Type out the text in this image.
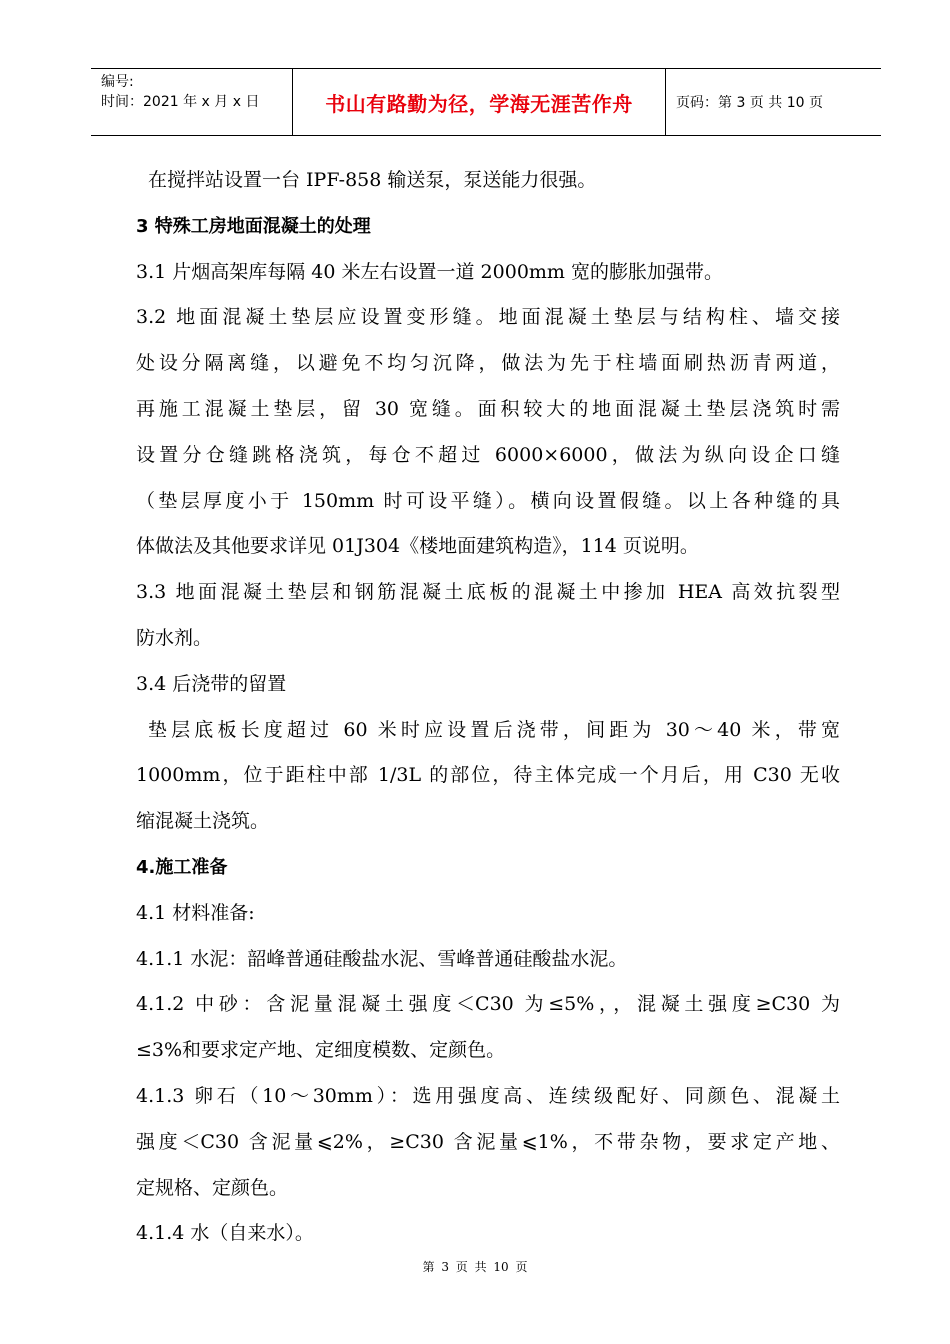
编号:
时间：2021 年 x 月 x 日	书山有路勤为径，学海无涯苦作舟	页码：第 3 页 共 10 页
在搅拌站设置一台 IPF-858 输送泵，泵送能力很强。
3 特殊工房地面混凝土的处理
3.1 片烟高架库每隔 40 米左右设置一道 2000mm 宽的膨胀加强带。
3.2 地面混凝土垫层应设置变形缝。地面混凝土垫层与结构柱、墙交接
处设分隔离缝，以避免不均匀沉降，做法为先于柱墙面刷热沥青两道，
再施工混凝土垫层，留 30 宽缝。面积较大的地面混凝土垫层浇筑时需
设置分仓缝跳格浇筑，每仓不超过 6000×6000，做法为纵向设企口缝
（垫层厚度小于 150mm 时可设平缝）。横向设置假缝。以上各种缝的具
体做法及其他要求详见 01J304《楼地面建筑构造》，114 页说明。
3.3 地面混凝土垫层和钢筋混凝土底板的混凝土中掺加 HEA 高效抗裂型
防水剂。
3.4 后浇带的留置
垫层底板长度超过 60 米时应设置后浇带，间距为 30～40 米，带宽
1000mm，位于距柱中部 1/3L 的部位，待主体完成一个月后，用 C30 无收
缩混凝土浇筑。
4.施工准备
4.1 材料准备:
4.1.1 水泥：韶峰普通硅酸盐水泥、雪峰普通硅酸盐水泥。
4.1.2 中砂：含泥量混凝土强度＜C30 为≤5%，，混凝土强度≥C30 为
≤3%和要求定产地、定细度模数、定颜色。
4.1.3 卵石（10～30mm）：选用强度高、连续级配好、同颜色、混凝土
强度＜C30 含泥量⩽2%，≥C30 含泥量⩽1%，不带杂物，要求定产地、
定规格、定颜色。
4.1.4 水（自来水）。
第 3 页 共 10 页
